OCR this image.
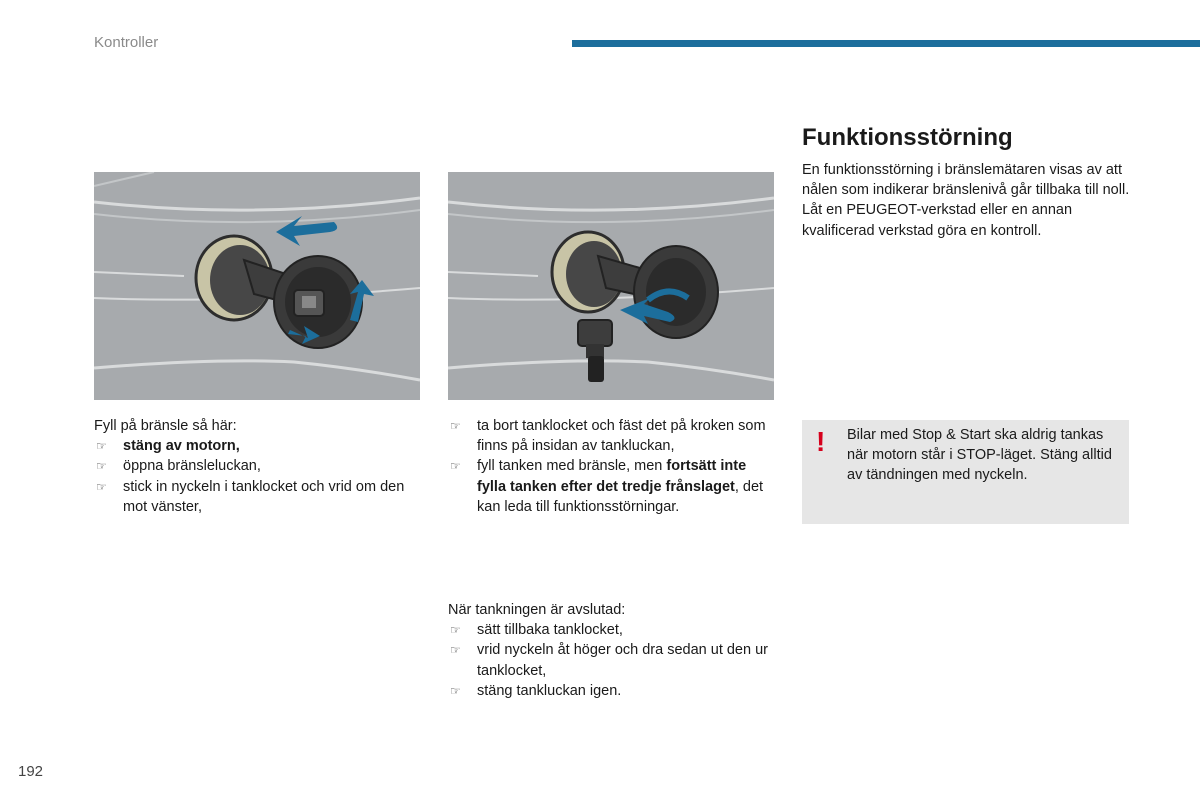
Kontroller

Fyll på bränsle så här:

☞ stäng av motorn,
☞ öppna bränsleluckan,
☞ stick in nyckeln i tanklocket och vrid om den mot vänster,
☞ ta bort tanklocket och fäst det på kroken som finns på insidan av tankluckan,
☞ fyll tanken med bränsle, men fortsätt inte fylla tanken efter det tredje frånslaget, det kan leda till funktionsstörningar.

När tankningen är avslutad:

☞ sätt tillbaka tanklocket,
☞ vrid nyckeln åt höger och dra sedan ut den ur tanklocket,
☞ stäng tankluckan igen.
Funktionsstörning

En funktionsstörning i bränslemätaren visas av att nålen som indikerar bränslenivå går tillbaka till noll.

Låt en PEUGEOT-verkstad eller en annan kvalificerad verkstad göra en kontroll.

! Bilar med Stop & Start ska aldrig tankas när motorn står i STOP-läget. Stäng alltid av tändningen med nyckeln.
192
